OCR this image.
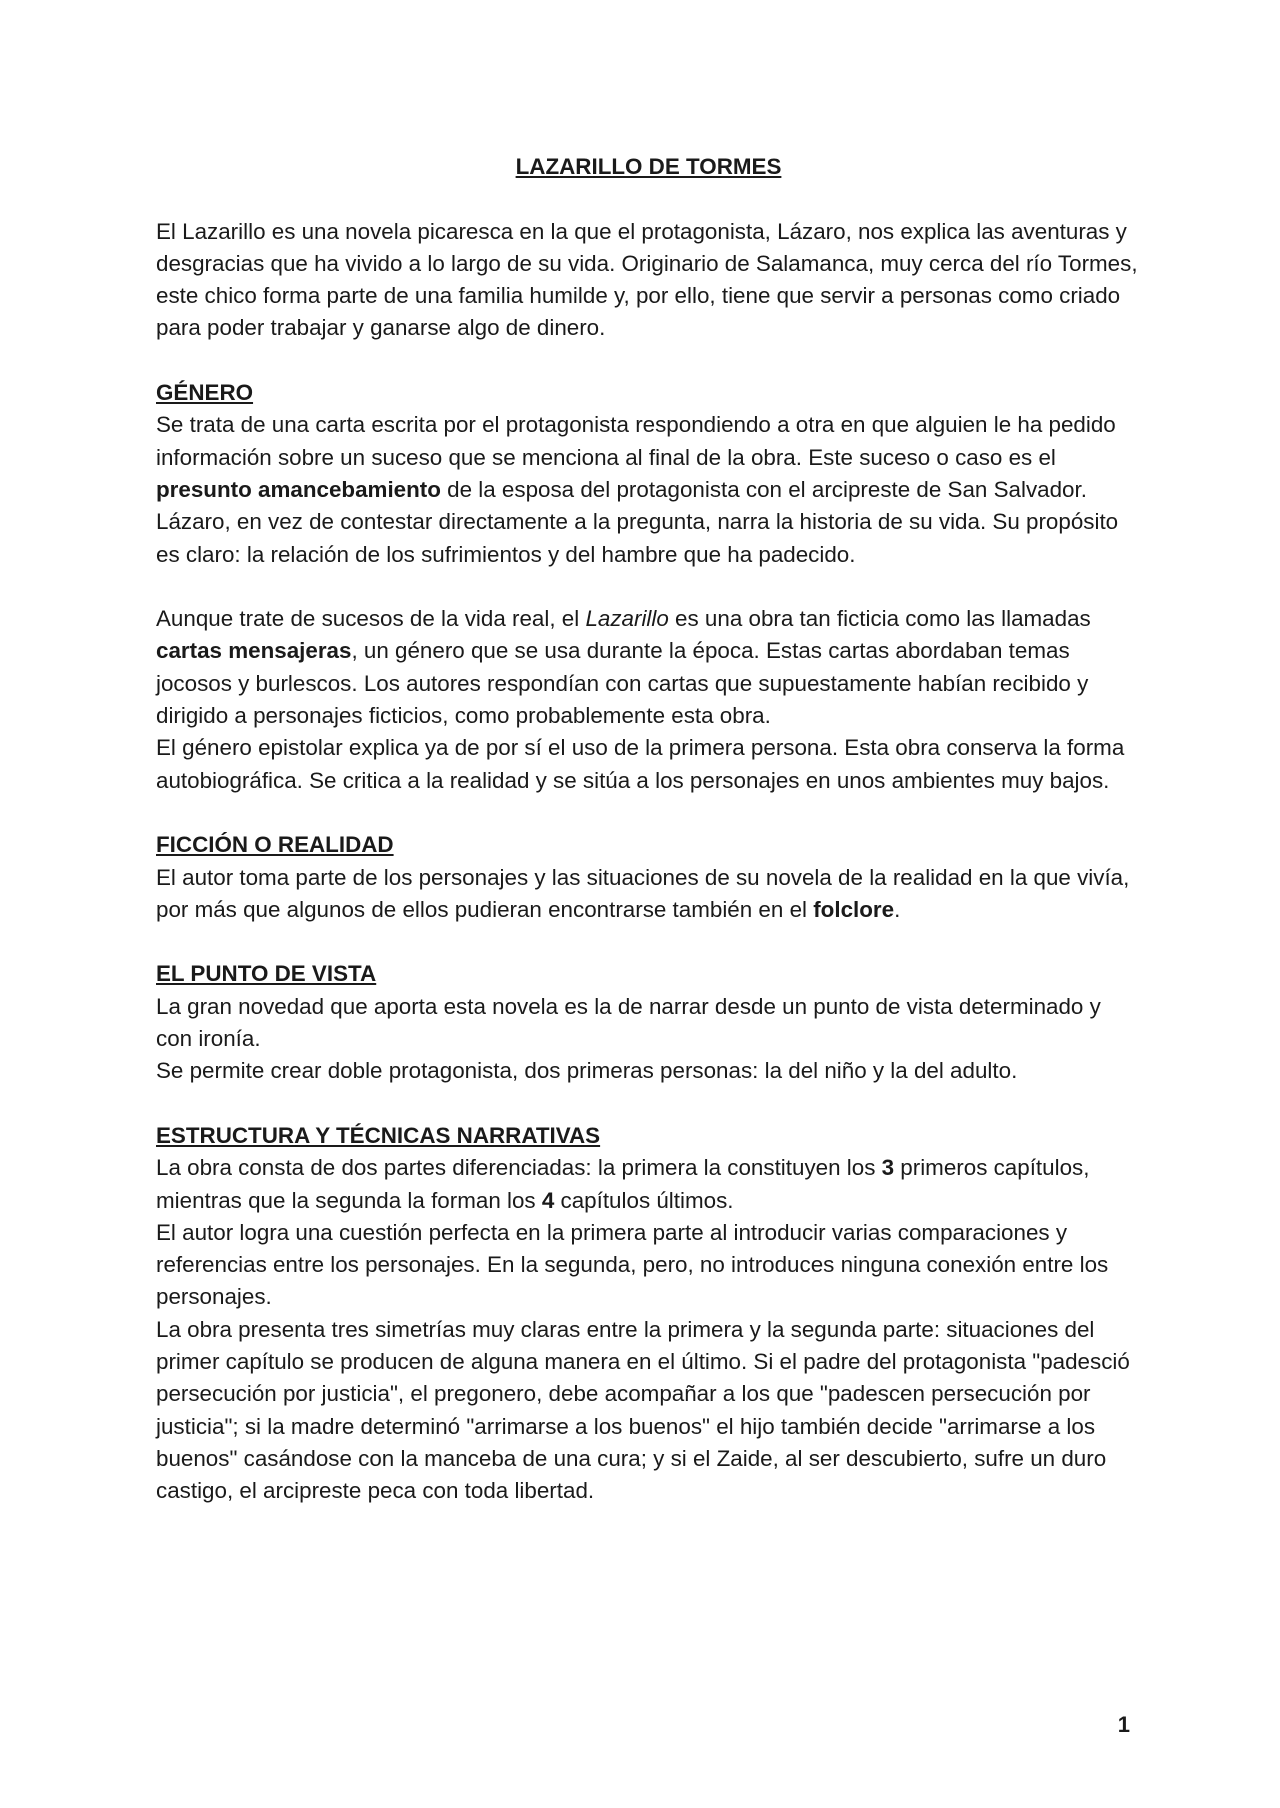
LAZARILLO DE TORMES

El Lazarillo es una novela picaresca en la que el protagonista, Lázaro, nos explica las aventuras y desgracias que ha vivido a lo largo de su vida. Originario de Salamanca, muy cerca del río Tormes, este chico forma parte de una familia humilde y, por ello, tiene que servir a personas como criado para poder trabajar y ganarse algo de dinero.

GÉNERO

Se trata de una carta escrita por el protagonista respondiendo a otra en que alguien le ha pedido información sobre un suceso que se menciona al final de la obra. Este suceso o caso es el presunto amancebamiento de la esposa del protagonista con el arcipreste de San Salvador.

Lázaro, en vez de contestar directamente a la pregunta, narra la historia de su vida. Su propósito es claro: la relación de los sufrimientos y del hambre que ha padecido.

Aunque trate de sucesos de la vida real, el Lazarillo es una obra tan ficticia como las llamadas cartas mensajeras, un género que se usa durante la época. Estas cartas abordaban temas jocosos y burlescos. Los autores respondían con cartas que supuestamente habían recibido y dirigido a personajes ficticios, como probablemente esta obra.

El género epistolar explica ya de por sí el uso de la primera persona. Esta obra conserva la forma autobiográfica. Se critica a la realidad y se sitúa a los personajes en unos ambientes muy bajos.

FICCIÓN O REALIDAD

El autor toma parte de los personajes y las situaciones de su novela de la realidad en la que vivía, por más que algunos de ellos pudieran encontrarse también en el folclore.

EL PUNTO DE VISTA

La gran novedad que aporta esta novela es la de narrar desde un punto de vista determinado y con ironía.

Se permite crear doble protagonista, dos primeras personas: la del niño y la del adulto.

ESTRUCTURA Y TÉCNICAS NARRATIVAS

La obra consta de dos partes diferenciadas: la primera la constituyen los 3 primeros capítulos, mientras que la segunda la forman los 4 capítulos últimos.

El autor logra una cuestión perfecta en la primera parte al introducir varias comparaciones y referencias entre los personajes. En la segunda, pero, no introduces ninguna conexión entre los personajes.

La obra presenta tres simetrías muy claras entre la primera y la segunda parte: situaciones del primer capítulo se producen de alguna manera en el último. Si el padre del protagonista "padesció persecución por justicia", el pregonero, debe acompañar a los que "padescen persecución por justicia"; si la madre determinó "arrimarse a los buenos" el hijo también decide "arrimarse a los buenos" casándose con la manceba de una cura; y si el Zaide, al ser descubierto, sufre un duro castigo, el arcipreste peca con toda libertad.

1
